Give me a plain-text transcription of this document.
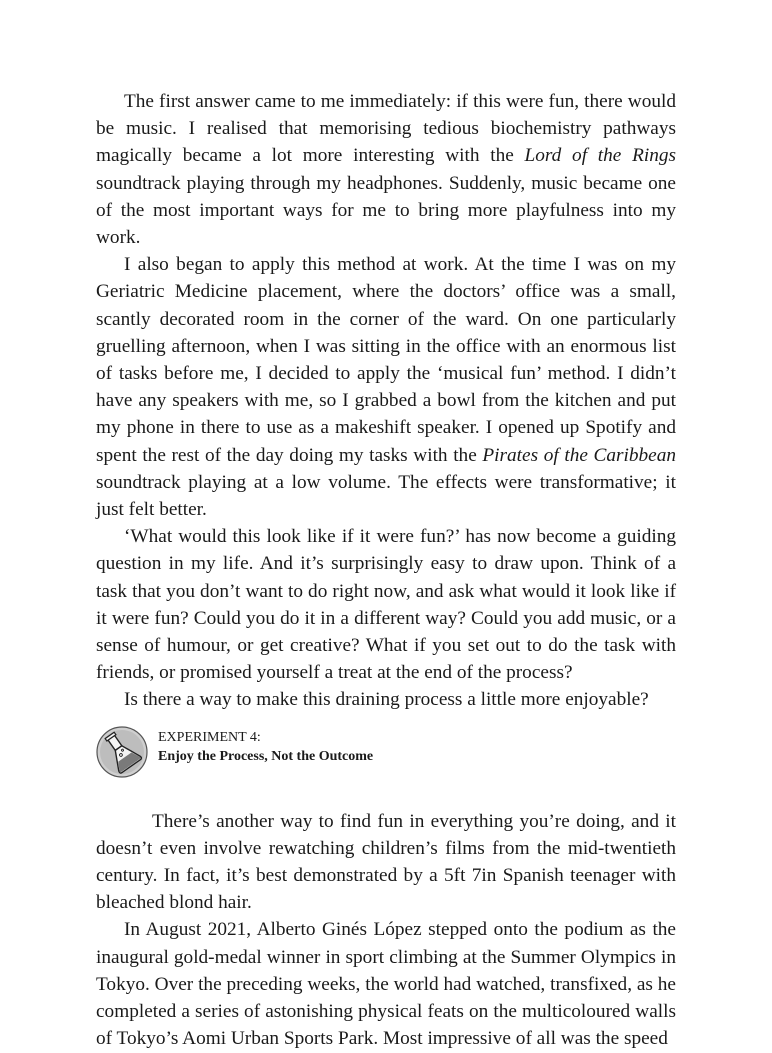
The first answer came to me immediately: if this were fun, there would be music. I realised that memorising tedious biochemistry pathways magically became a lot more interesting with the Lord of the Rings soundtrack playing through my headphones. Suddenly, music became one of the most important ways for me to bring more playfulness into my work.

I also began to apply this method at work. At the time I was on my Geriatric Medicine placement, where the doctors’ office was a small, scantly decorated room in the corner of the ward. On one particularly gruelling afternoon, when I was sitting in the office with an enormous list of tasks before me, I decided to apply the ‘musical fun’ method. I didn’t have any speakers with me, so I grabbed a bowl from the kitchen and put my phone in there to use as a makeshift speaker. I opened up Spotify and spent the rest of the day doing my tasks with the Pirates of the Caribbean soundtrack playing at a low volume. The effects were transformative; it just felt better.

‘What would this look like if it were fun?’ has now become a guiding question in my life. And it’s surprisingly easy to draw upon. Think of a task that you don’t want to do right now, and ask what would it look like if it were fun? Could you do it in a different way? Could you add music, or a sense of humour, or get creative? What if you set out to do the task with friends, or promised yourself a treat at the end of the process?

Is there a way to make this draining process a little more enjoyable?

EXPERIMENT 4:
Enjoy the Process, Not the Outcome

There’s another way to find fun in everything you’re doing, and it doesn’t even involve rewatching children’s films from the mid-twentieth century. In fact, it’s best demonstrated by a 5ft 7in Spanish teenager with bleached blond hair.

In August 2021, Alberto Ginés López stepped onto the podium as the inaugural gold-medal winner in sport climbing at the Summer Olympics in Tokyo. Over the preceding weeks, the world had watched, transfixed, as he completed a series of astonishing physical feats on the multicoloured walls of Tokyo’s Aomi Urban Sports Park. Most impressive of all was the speed
